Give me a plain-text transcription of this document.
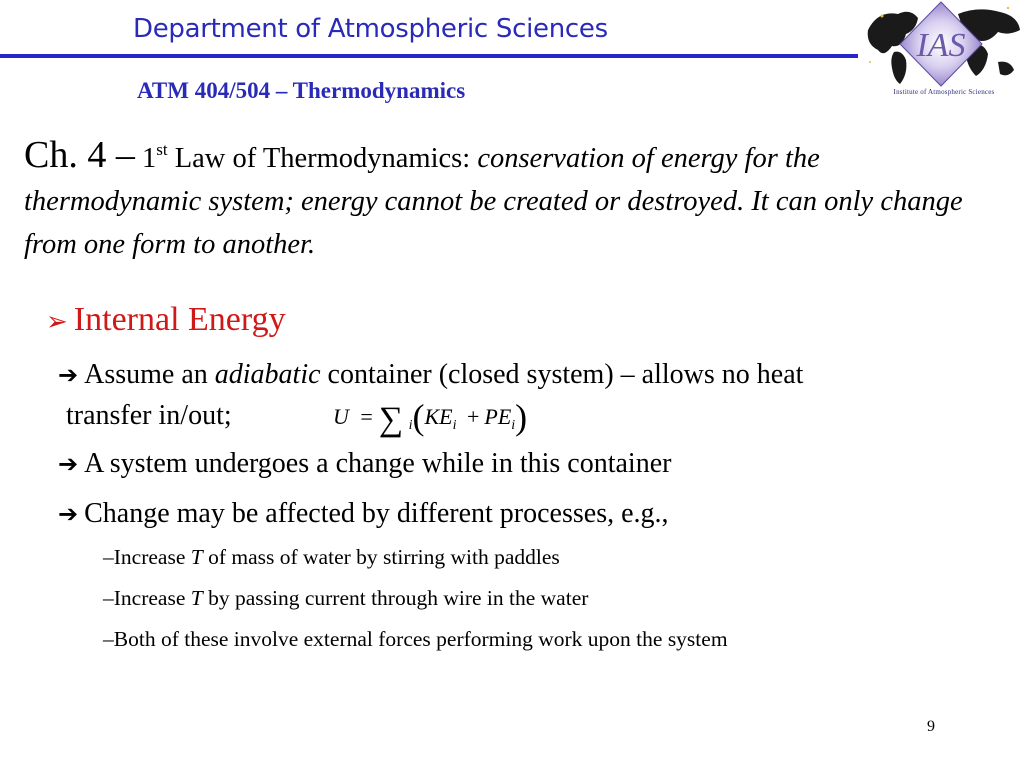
Department of Atmospheric Sciences	IAS
Institute of Atmospheric Sciences
ATM 404/504 – Thermodynamics
Ch. 4 – 1st Law of Thermodynamics: conservation of energy for the thermodynamic system; energy cannot be created or destroyed. It can only change from one form to another.
➢ Internal Energy
➔ Assume an adiabatic container (closed system) – allows no heat
transfer in/out;	U = ∑ $_i(KE_i + PE_i)$
➔ A system undergoes a change while in this container
➔ Change may be affected by different processes, e.g.,
–Increase T of mass of water by stirring with paddles
–Increase T by passing current through wire in the water
–Both of these involve external forces performing work upon the system
9
